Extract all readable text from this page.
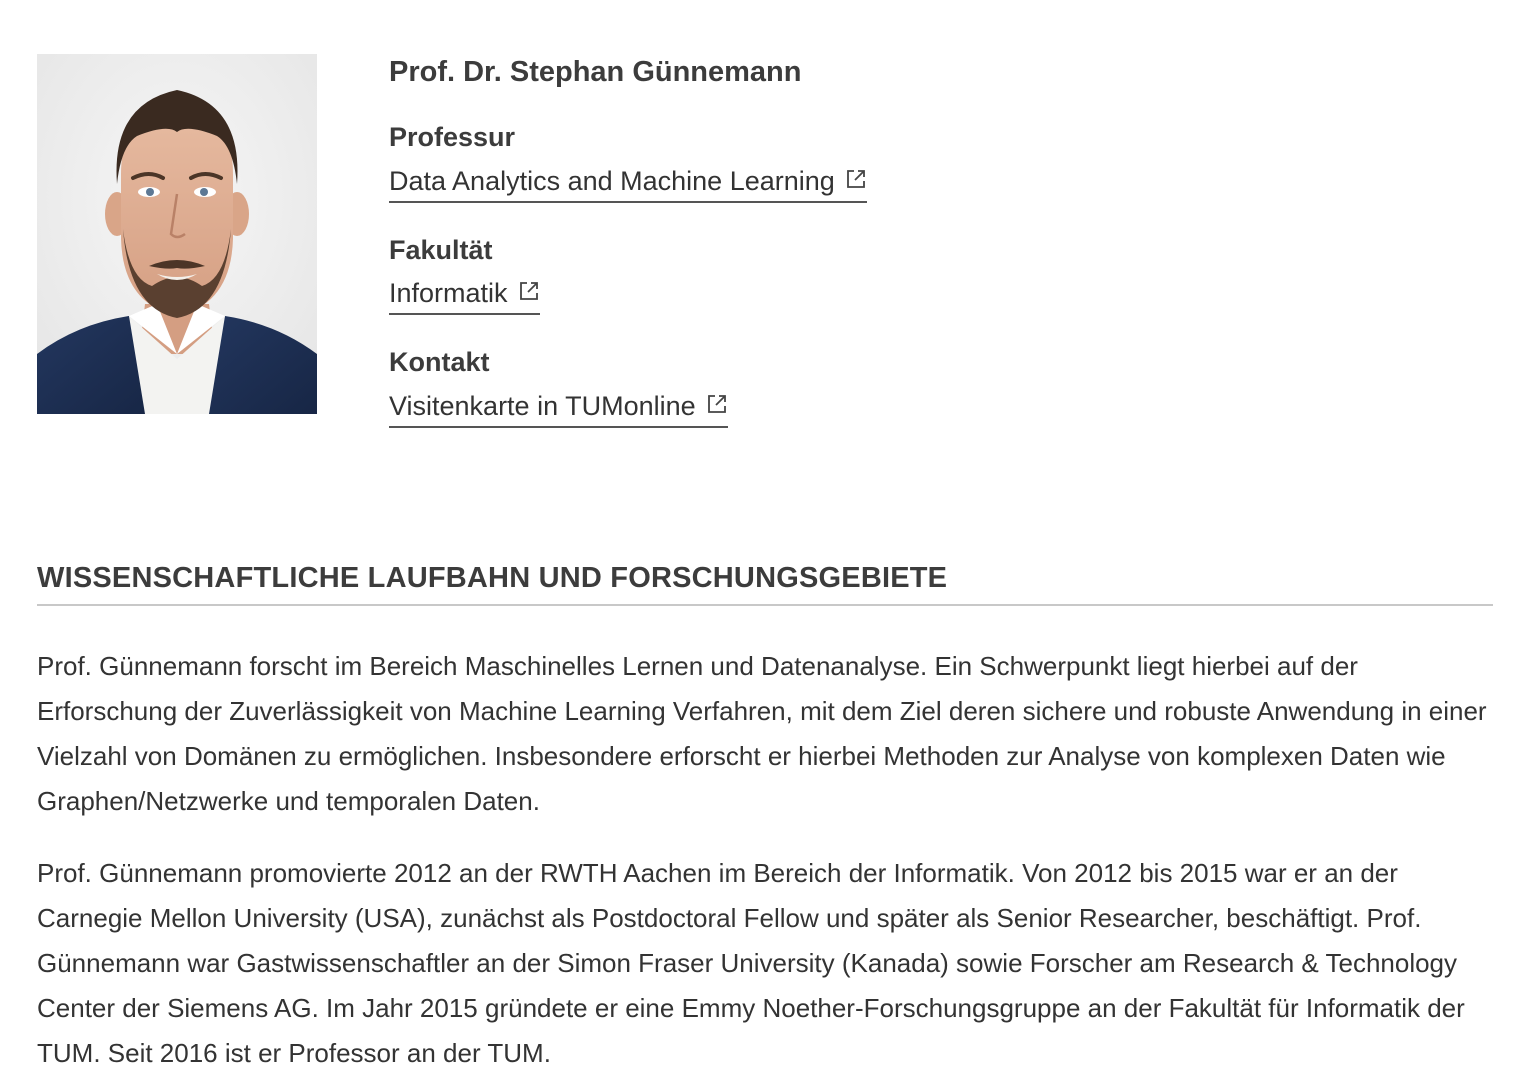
Prof. Dr. Stephan Günnemann
Professur
Data Analytics and Machine Learning
Fakultät
Informatik
Kontakt
Visitenkarte in TUMonline
WISSENSCHAFTLICHE LAUFBAHN UND FORSCHUNGSGEBIETE

Prof. Günnemann forscht im Bereich Maschinelles Lernen und Datenanalyse. Ein Schwerpunkt liegt hierbei auf der Erforschung der Zuverlässigkeit von Machine Learning Verfahren, mit dem Ziel deren sichere und robuste Anwendung in einer Vielzahl von Domänen zu ermöglichen. Insbesondere erforscht er hierbei Methoden zur Analyse von komplexen Daten wie Graphen/Netzwerke und temporalen Daten.

Prof. Günnemann promovierte 2012 an der RWTH Aachen im Bereich der Informatik. Von 2012 bis 2015 war er an der Carnegie Mellon University (USA), zunächst als Postdoctoral Fellow und später als Senior Researcher, beschäftigt. Prof. Günnemann war Gastwissenschaftler an der Simon Fraser University (Kanada) sowie Forscher am Research & Technology Center der Siemens AG. Im Jahr 2015 gründete er eine Emmy Noether-Forschungsgruppe an der Fakultät für Informatik der TUM. Seit 2016 ist er Professor an der TUM.
